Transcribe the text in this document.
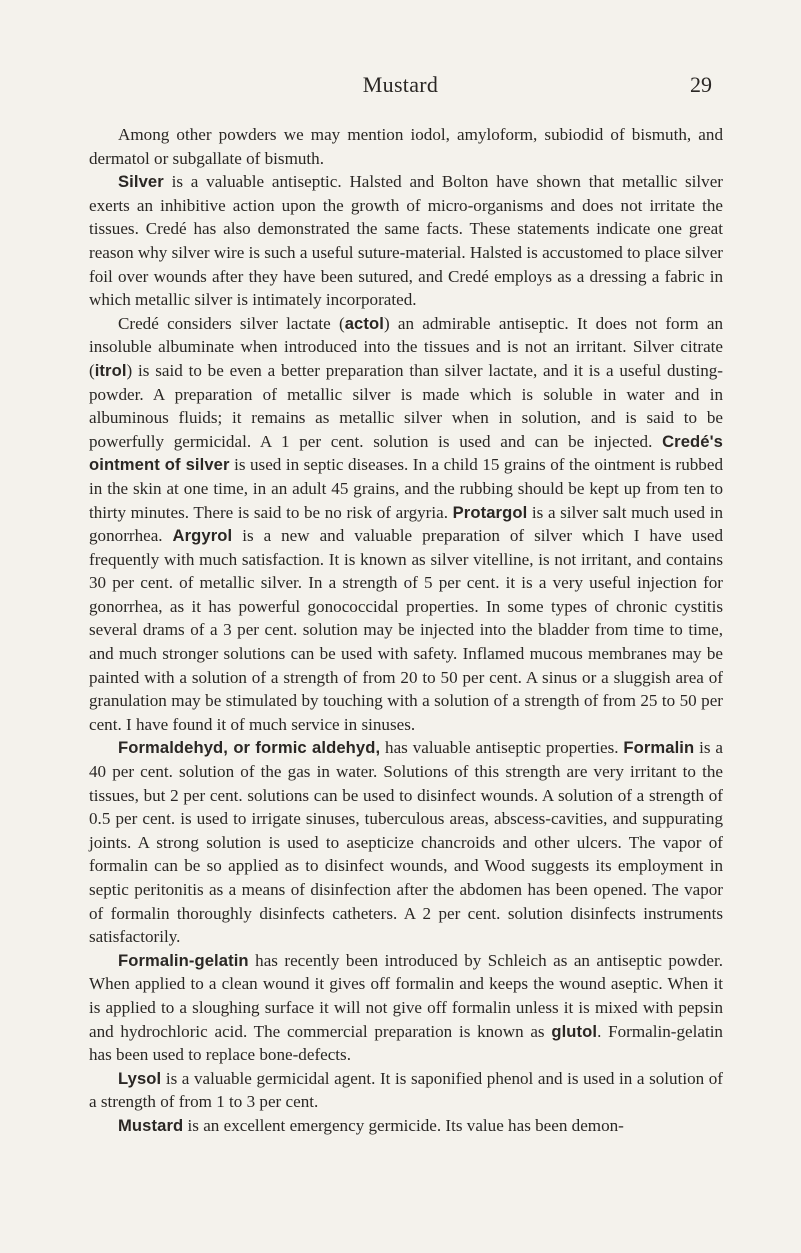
Mustard	29

Among other powders we may mention iodol, amyloform, subiodid of bismuth, and dermatol or subgallate of bismuth.

Silver is a valuable antiseptic. Halsted and Bolton have shown that metallic silver exerts an inhibitive action upon the growth of micro-organisms and does not irritate the tissues. Credé has also demonstrated the same facts. These statements indicate one great reason why silver wire is such a useful suture-material. Halsted is accustomed to place silver foil over wounds after they have been sutured, and Credé employs as a dressing a fabric in which metallic silver is intimately incorporated.

Credé considers silver lactate (actol) an admirable antiseptic. It does not form an insoluble albuminate when introduced into the tissues and is not an irritant. Silver citrate (itrol) is said to be even a better preparation than silver lactate, and it is a useful dusting-powder. A preparation of metallic silver is made which is soluble in water and in albuminous fluids; it remains as metallic silver when in solution, and is said to be powerfully germicidal. A 1 per cent. solution is used and can be injected. Credé's ointment of silver is used in septic diseases. In a child 15 grains of the ointment is rubbed in the skin at one time, in an adult 45 grains, and the rubbing should be kept up from ten to thirty minutes. There is said to be no risk of argyria. Protargol is a silver salt much used in gonorrhea. Argyrol is a new and valuable preparation of silver which I have used frequently with much satisfaction. It is known as silver vitelline, is not irritant, and contains 30 per cent. of metallic silver. In a strength of 5 per cent. it is a very useful injection for gonorrhea, as it has powerful gonococcidal properties. In some types of chronic cystitis several drams of a 3 per cent. solution may be injected into the bladder from time to time, and much stronger solutions can be used with safety. Inflamed mucous membranes may be painted with a solution of a strength of from 20 to 50 per cent. A sinus or a sluggish area of granulation may be stimulated by touching with a solution of a strength of from 25 to 50 per cent. I have found it of much service in sinuses.

Formaldehyd, or formic aldehyd, has valuable antiseptic properties. Formalin is a 40 per cent. solution of the gas in water. Solutions of this strength are very irritant to the tissues, but 2 per cent. solutions can be used to disinfect wounds. A solution of a strength of 0.5 per cent. is used to irrigate sinuses, tuberculous areas, abscess-cavities, and suppurating joints. A strong solution is used to asepticize chancroids and other ulcers. The vapor of formalin can be so applied as to disinfect wounds, and Wood suggests its employment in septic peritonitis as a means of disinfection after the abdomen has been opened. The vapor of formalin thoroughly disinfects catheters. A 2 per cent. solution disinfects instruments satisfactorily.

Formalin-gelatin has recently been introduced by Schleich as an antiseptic powder. When applied to a clean wound it gives off formalin and keeps the wound aseptic. When it is applied to a sloughing surface it will not give off formalin unless it is mixed with pepsin and hydrochloric acid. The commercial preparation is known as glutol. Formalin-gelatin has been used to replace bone-defects.

Lysol is a valuable germicidal agent. It is saponified phenol and is used in a solution of a strength of from 1 to 3 per cent.

Mustard is an excellent emergency germicide. Its value has been demon-
